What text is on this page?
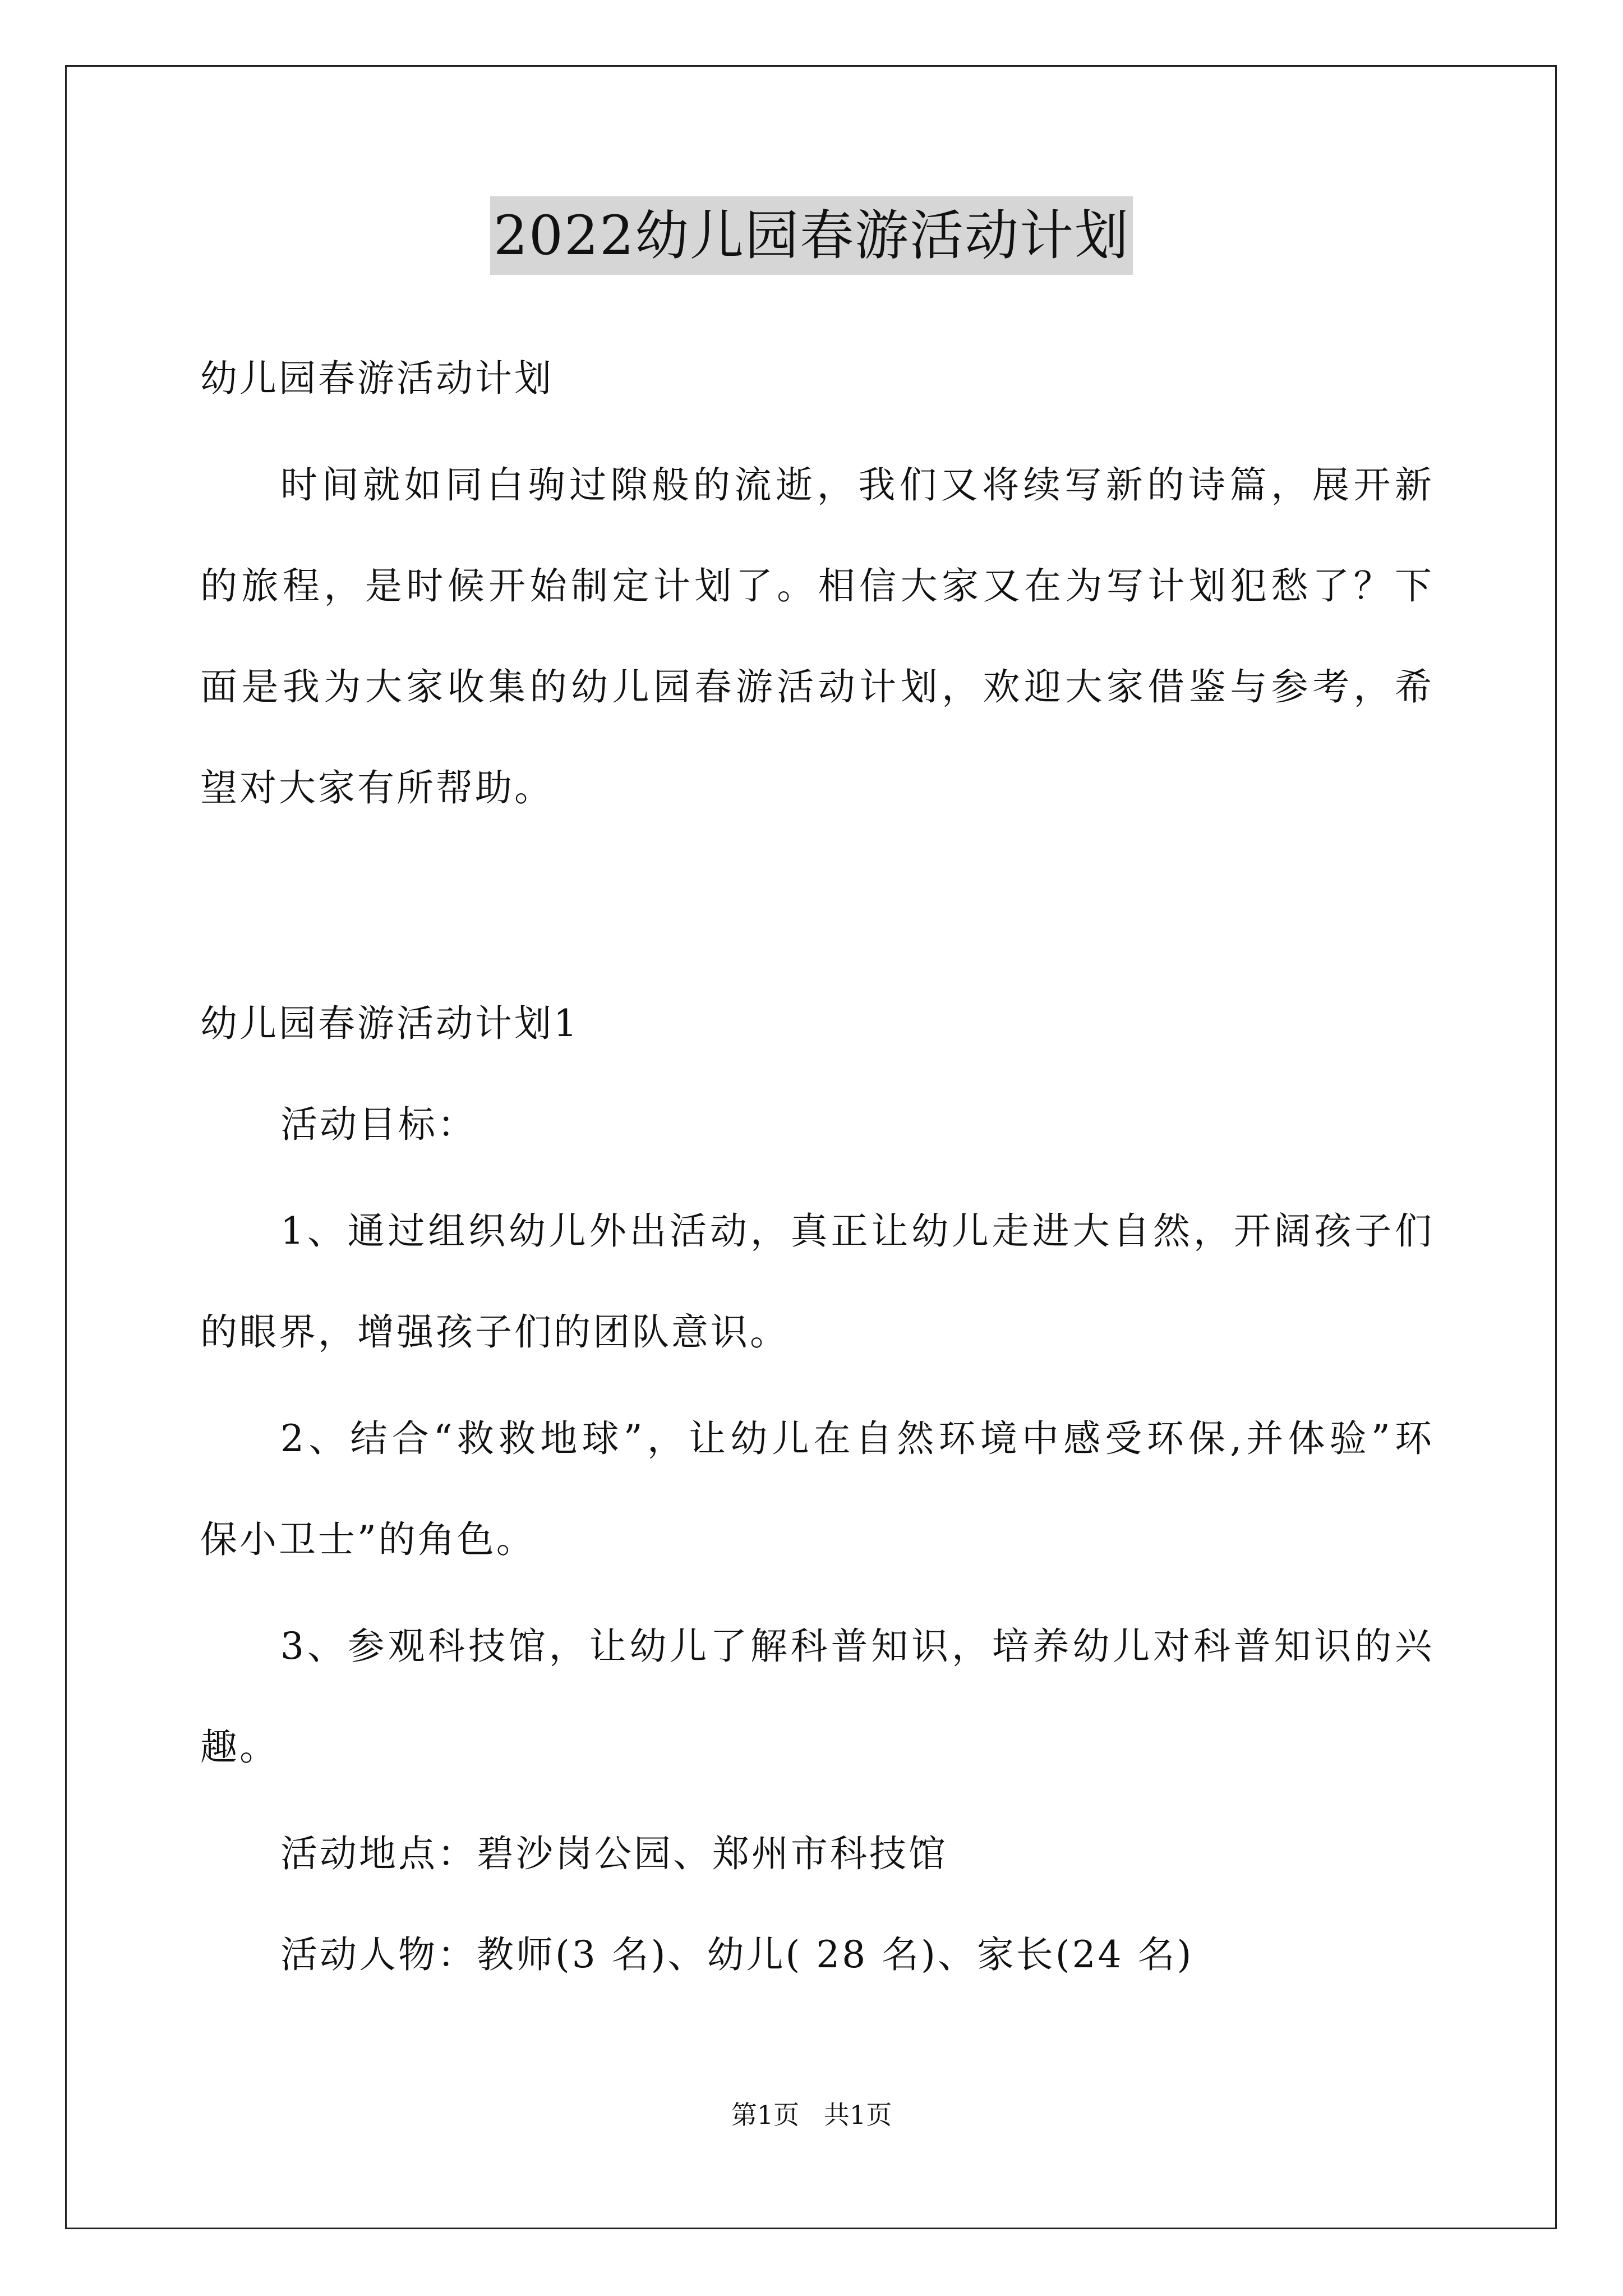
2022幼儿园春游活动计划
幼儿园春游活动计划
时间就如同白驹过隙般的流逝，我们又将续写新的诗篇，展开新
的旅程，是时候开始制定计划了。相信大家又在为写计划犯愁了？下
面是我为大家收集的幼儿园春游活动计划，欢迎大家借鉴与参考，希
望对大家有所帮助。
幼儿园春游活动计划1
活动目标：
1、通过组织幼儿外出活动，真正让幼儿走进大自然，开阔孩子们
的眼界，增强孩子们的团队意识。
2、结合“救救地球”，让幼儿在自然环境中感受环保,并体验”环
保小卫士”的角色。
3、参观科技馆，让幼儿了解科普知识，培养幼儿对科普知识的兴
趣。
活动地点：碧沙岗公园、郑州市科技馆
活动人物：教师(3 名)、幼儿( 28 名)、家长(24 名)
第1页   共1页
